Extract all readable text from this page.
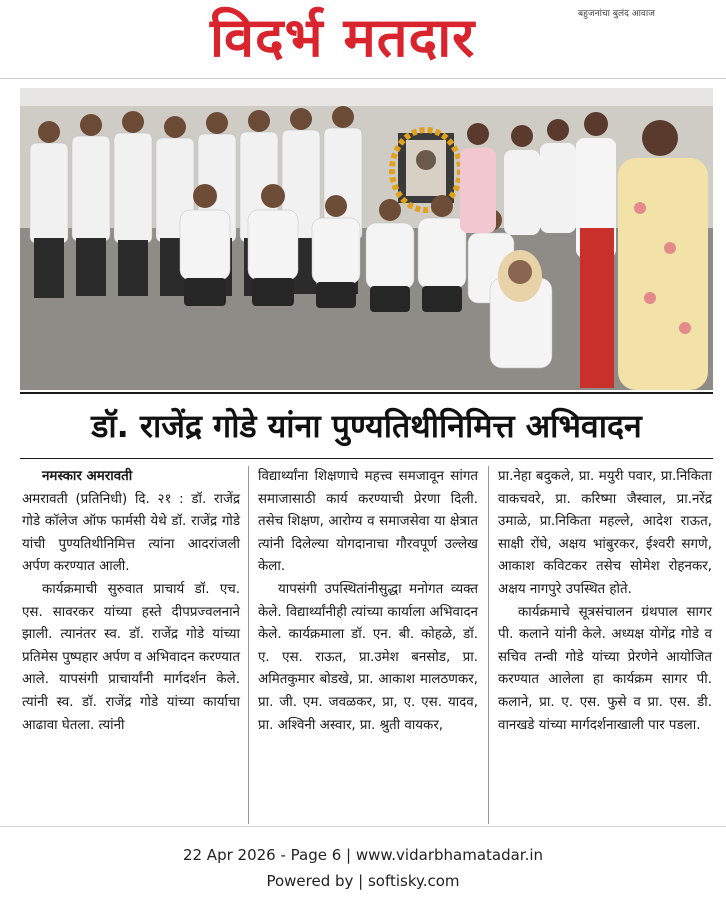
विदर्भ मतदार	बहुजनांचा बुलंद आवाज
डॉ. राजेंद्र गोडे यांना पुण्यतिथीनिमित्त अभिवादन

नमस्कार अमरावती

अमरावती (प्रतिनिधी) दि. २१ : डॉ. राजेंद्र गोडे कॉलेज ऑफ फार्मसी येथे डॉ. राजेंद्र गोडे यांची पुण्यतिथीनिमित्त त्यांना आदरांजली अर्पण करण्यात आली.

कार्यक्रमाची सुरुवात प्राचार्य डॉ. एच. एस. सावरकर यांच्या हस्ते दीपप्रज्वलनाने झाली. त्यानंतर स्व. डॉ. राजेंद्र गोडे यांच्या प्रतिमेस पुष्पहार अर्पण व अभिवादन करण्यात आले. यापसंगी प्राचार्यांनी मार्गदर्शन केले. त्यांनी स्व. डॉ. राजेंद्र गोडे यांच्या कार्याचा आढावा घेतला. त्यांनी

विद्यार्थ्यांना शिक्षणाचे महत्त्व समजावून सांगत समाजासाठी कार्य करण्याची प्रेरणा दिली. तसेच शिक्षण, आरोग्य व समाजसेवा या क्षेत्रात त्यांनी दिलेल्या योगदानाचा गौरवपूर्ण उल्लेख केला.

यापसंगी उपस्थितांनीसुद्धा मनोगत व्यक्त केले. विद्यार्थ्यांनीही त्यांच्या कार्याला अभिवादन केले. कार्यक्रमाला डॉ. एन. बी. कोहळे, डॉ. ए. एस. राऊत, प्रा.उमेश बनसोड, प्रा. अमितकुमार बोडखे, प्रा. आकाश मालठणकर, प्रा. जी. एम. जवळकर, प्रा, ए. एस. यादव, प्रा. अश्विनी अस्वार, प्रा. श्रुती वायकर,

प्रा.नेहा बदुकले, प्रा. मयुरी पवार, प्रा.निकिता वाकचवरे, प्रा. करिष्मा जैस्वाल, प्रा.नरेंद्र उमाळे, प्रा.निकिता महल्ले, आदेश राऊत, साक्षी रोंघे, अक्षय भांबुरकर, ईश्वरी सगणे, आकाश कविटकर तसेच सोमेश रोहनकर, अक्षय नागपुरे उपस्थित होते.

कार्यक्रमाचे सूत्रसंचालन ग्रंथपाल सागर पी. कलाने यांनी केले. अध्यक्ष योगेंद्र गोडे व सचिव तन्वी गोडे यांच्या प्रेरणेने आयोजित करण्यात आलेला हा कार्यक्रम सागर पी. कलाने, प्रा. ए. एस. फुसे व प्रा. एस. डी. वानखडे यांच्या मार्गदर्शनाखाली पार पडला.

22 Apr 2026 - Page 6 | www.vidarbhamatadar.in
Powered by | softisky.com
